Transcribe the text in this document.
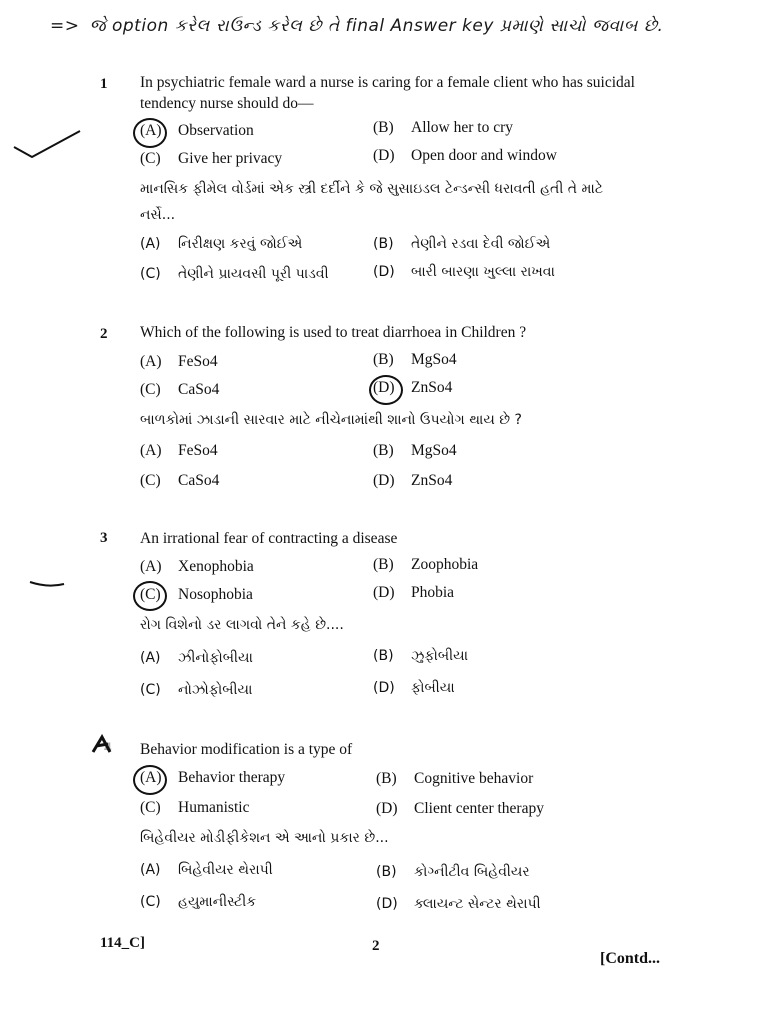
=> જે option કરેલ રાઉન્ડ કરેલ છે તે final Answer key પ્રમાણે સાચો જવાબ છે.
1 In psychiatric female ward a nurse is caring for a female client who has suicidal tendency nurse should do—
(A) Observation	(B) Allow her to cry
(C) Give her privacy	(D) Open door and window
માનસિક ફીમેલ વોર્ડમાં એક સ્ત્રી દર્દીને કે જે સુસાઇડલ ટેન્ડન્સી ધરાવતી હતી તે માટે નર્સે...
(A) નિરીક્ષણ કરવું જોઈએ	(B) તેણીને રડવા દેવી જોઈએ
(C) તેણીને પ્રાયવસી પૂરી પાડવી	(D) બારી બારણા ખુલ્લા રાખવા
2 Which of the following is used to treat diarrhoea in Children ?
(A) FeSo4	(B) MgSo4
(C) CaSo4	(D) ZnSo4
બાળકોમાં ઝાડાની સારવાર માટે નીચેનામાંથી શાનો ઉપયોગ થાય છે ?
(A) FeSo4	(B) MgSo4
(C) CaSo4	(D) ZnSo4
3 An irrational fear of contracting a disease
(A) Xenophobia	(B) Zoophobia
(C) Nosophobia	(D) Phobia
રોગ વિશેનો ડર લાગવો તેને કહે છે....
(A) ઝીનોફોબીયા	(B) ઝુફોબીયા
(C) નોઝોફોબીયા	(D) ફોબીયા
4 Behavior modification is a type of
(A) Behavior therapy	(B) Cognitive behavior
(C) Humanistic	(D) Client center therapy
બિહેવીયર મોડીફીકેશન એ આનો પ્રકાર છે...
(A) બિહેવીયર થેરાપી	(B) કોગ્નીટીવ બિહેવીયર
(C) હયુમાનીસ્ટીક	(D) ક્લાયન્ટ સેન્ટર થેરાપી
114_C]	2
[Contd...
